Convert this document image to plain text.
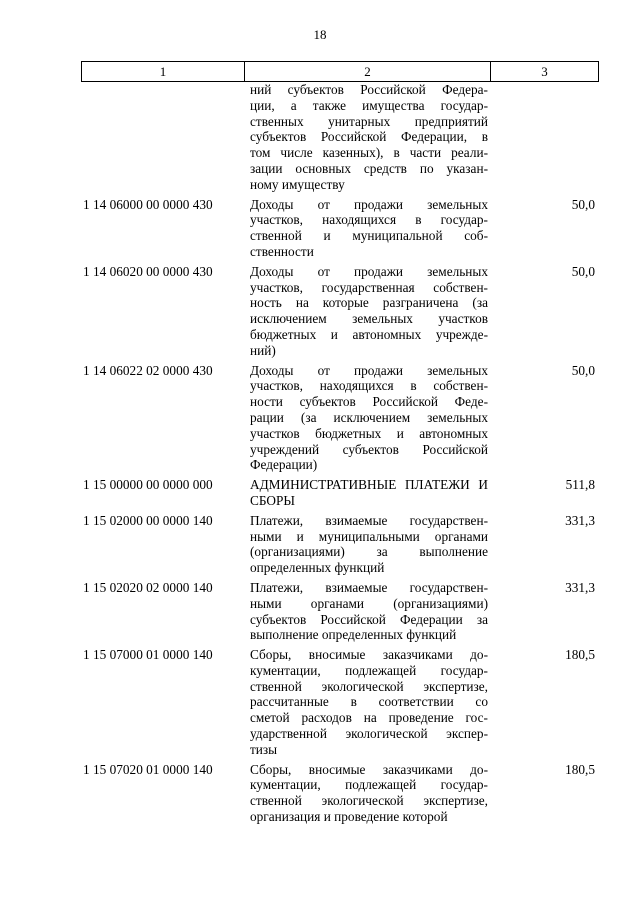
18
1	2	3
ний субъектов Российской Федера-
ции, а также имущества государ-
ственных унитарных предприятий
субъектов Российской Федерации, в
том числе казенных), в части реали-
зации основных средств по указан-
ному имуществу
1 14 06000 00 0000 430	Доходы от продажи земельных
участков, находящихся в государ-
ственной и муниципальной соб-
ственности
50,0
1 14 06020 00 0000 430	Доходы от продажи земельных
участков, государственная собствен-
ность на которые разграничена (за
исключением земельных участков
бюджетных и автономных учрежде-
ний)
50,0
1 14 06022 02 0000 430	Доходы от продажи земельных
участков, находящихся в собствен-
ности субъектов Российской Феде-
рации (за исключением земельных
участков бюджетных и автономных
учреждений субъектов Российской
Федерации)
50,0
1 15 00000 00 0000 000	АДМИНИСТРАТИВНЫЕ ПЛАТЕЖИ И
СБОРЫ
511,8
1 15 02000 00 0000 140	Платежи, взимаемые государствен-
ными и муниципальными органами
(организациями) за выполнение
определенных функций
331,3
1 15 02020 02 0000 140	Платежи, взимаемые государствен-
ными органами (организациями)
субъектов Российской Федерации за
выполнение определенных функций
331,3
1 15 07000 01 0000 140	Сборы, вносимые заказчиками до-
кументации, подлежащей государ-
ственной экологической экспертизе,
рассчитанные в соответствии со
сметой расходов на проведение гос-
ударственной экологической экспер-
тизы
180,5
1 15 07020 01 0000 140	Сборы, вносимые заказчиками до-
кументации, подлежащей государ-
ственной экологической экспертизе,
организация и проведение которой
180,5
